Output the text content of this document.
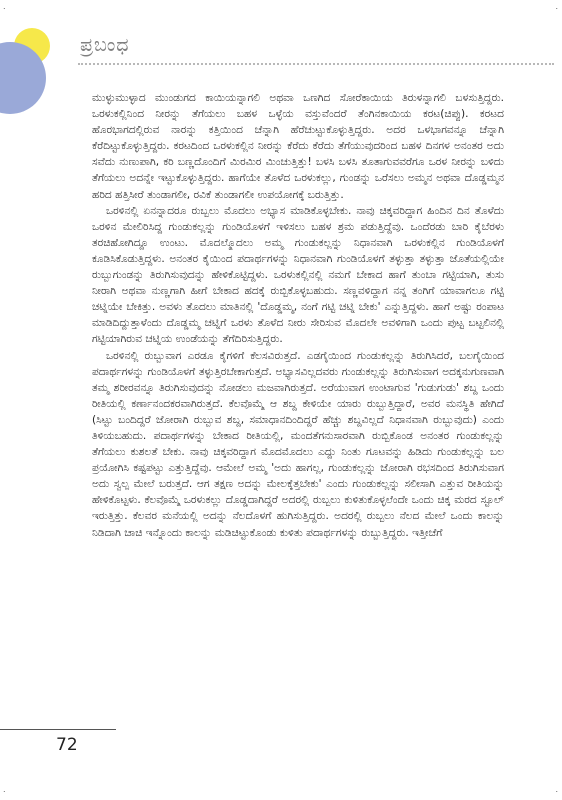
.	.
.	.
ಪ್ರಬಂಧ

ಮುಳ್ಳುಮುಳ್ಳಾದ ಮುಂಡುಗದ ಕಾಯಿಯನ್ನಾಗಲಿ ಅಥವಾ ಒಣಗಿದ ಸೋರೆಕಾಯಿಯ ತಿರುಳನ್ನಾಗಲಿ ಬಳಸುತ್ತಿದ್ದರು. ಒರಳುಕಲ್ಲಿನಿಂದ ನೀರನ್ನು ತೆಗೆಯಲು ಬಹಳ ಒಳ್ಳೆಯ ವಸ್ತುವೆಂದರೆ ತೆಂಗಿನಕಾಯಿಯ ಕರಟ(ಚಿಪ್ಪು). ಕರಟದ ಹೊರಭಾಗದಲ್ಲಿರುವ ನಾರನ್ನು ಕತ್ತಿಯಿಂದ ಚೆನ್ನಾಗಿ ಹೆರೆಚುಟ್ಟುಕೊಳ್ಳುತ್ತಿದ್ದರು. ಅದರ ಒಳಭಾಗವನ್ನೂ ಚೆನ್ನಾಗಿ ಕೆರೆದಿಟ್ಟುಕೊಳ್ಳುತ್ತಿದ್ದರು. ಕರಟದಿಂದ ಒರಳುಕಲ್ಲಿನ ನೀರನ್ನು ಕೆರೆದು ಕೆರೆದು ತೆಗೆಯುವುದರಿಂದ ಬಹಳ ದಿನಗಳ ಅನಂತರ ಅದು ಸವೆದು ನುಣುಪಾಗಿ, ಕರಿ ಬಣ್ಣದೊಂದಿಗೆ ಮಿರಮಿರ ಮಿಂಚುತ್ತಿತ್ತು! ಬಳಸಿ ಬಳಸಿ ತೂತಾಗುವವರೆಗೂ ಒರಳ ನೀರನ್ನು ಬಳಿದು ತೆಗೆಯಲು ಅದನ್ನೇ ಇಟ್ಟುಕೊಳ್ಳುತ್ತಿದ್ದರು. ಹಾಗೆಯೇ ತೊಳೆದ ಒರಳುಕಲ್ಲು, ಗುಂಡನ್ನು ಒರೆಸಲು ಅಮ್ಮನ ಅಥವಾ ದೊಡ್ಡಮ್ಮನ ಹರಿದ ಹತ್ತಿಸೀರೆ ತುಂಡಾಗಲೀ, ರವಿಕೆ ತುಂಡಾಗಲೀ ಉಪಯೋಗಕ್ಕೆ ಬರುತ್ತಿತ್ತು.

ಒರಳಿನಲ್ಲಿ ಏನನ್ನಾದರೂ ರುಬ್ಬಲು ಮೊದಲು ಅಭ್ಯಾಸ ಮಾಡಿಕೊಳ್ಳಬೇಕು. ನಾವು ಚಿಕ್ಕವರಿದ್ದಾಗ ಹಿಂದಿನ ದಿನ ತೊಳೆದು ಒರಳಿನ ಮೇಲಿರಿಸಿದ್ದ ಗುಂಡುಕಲ್ಲನ್ನು ಗುಂಡಿಯೊಳಗೆ ಇಳಿಸಲು ಬಹಳ ಶ್ರಮ ಪಡುತ್ತಿದ್ದೆವು. ಒಂದೆರಡು ಬಾರಿ ಕೈಬೆರಳು ತರಚಿಹೋಗಿದ್ದೂ ಉಂಟು. ಮೊದಲ್ಮೊದಲು ಅಮ್ಮ ಗುಂಡುಕಲ್ಲನ್ನು ನಿಧಾನವಾಗಿ ಒರಳುಕಲ್ಲಿನ ಗುಂಡಿಯೊಳಗೆ ಕೂಡಿಸಿಕೊಡುತ್ತಿದ್ದಳು. ಅನಂತರ ಕೈಯಿಂದ ಪದಾರ್ಥಗಳನ್ನು ನಿಧಾನವಾಗಿ ಗುಂಡಿಯೊಳಗೆ ತಳ್ಳುತ್ತಾ ತಳ್ಳುತ್ತಾ ಜೊತೆಯಲ್ಲಿಯೇ ರುಬ್ಬುಗುಂಡನ್ನು ತಿರುಗಿಸುವುದನ್ನು ಹೇಳಿಕೊಟ್ಟಿದ್ದಳು. ಒರಳುಕಲ್ಲಿನಲ್ಲಿ ನಮಗೆ ಬೇಕಾದ ಹಾಗೆ ತುಂಬಾ ಗಟ್ಟಿಯಾಗಿ, ತುಸು ನೀರಾಗಿ ಅಥವಾ ನುಣ್ಣಗಾಗಿ ಹೀಗೆ ಬೇಕಾದ ಹದಕ್ಕೆ ರುಬ್ಬಿಕೊಳ್ಳಬಹುದು. ಸಣ್ಣವಳಿದ್ದಾಗ ನನ್ನ ತಂಗಿಗೆ ಯಾವಾಗಲೂ ಗಟ್ಟಿ ಚಟ್ನಿಯೇ ಬೇಕಿತ್ತು. ಅವಳು ತೊದಲು ಮಾತಿನಲ್ಲಿ 'ದೊಡ್ಡಮ್ಮ, ನಂಗೆ ಗಟ್ಟಿ ಚಟ್ನಿ ಬೇಕು' ಎನ್ನುತ್ತಿದ್ದಳು. ಹಾಗೆ ಅಷ್ಟು ರಂಪಾಟ ಮಾಡಿದಿದ್ದುತ್ತಾಳೆಂದು ದೊಡ್ಡಮ್ಮ ಚಟ್ನಿಗೆ ಒರಳು ತೊಳೆದ ನೀರು ಸೇರಿಸುವ ಮೊದಲೇ ಅವಳಿಗಾಗಿ ಒಂದು ಪುಟ್ಟ ಬಟ್ಟಲಿನಲ್ಲಿ ಗಟ್ಟಿಯಾಗಿರುವ ಚಟ್ನಿಯ ಉಂಡೆಯನ್ನು ತೆಗೆದಿರಿಸುತ್ತಿದ್ದರು.

ಒರಳಿನಲ್ಲಿ ರುಬ್ಬುವಾಗ ಎರಡೂ ಕೈಗಳಿಗೆ ಕೆಲಸವಿರುತ್ತದೆ. ಎಡಗೈಯಿಂದ ಗುಂಡುಕಲ್ಲನ್ನು ತಿರುಗಿಸಿದರೆ, ಬಲಗೈಯಿಂದ ಪದಾರ್ಥಗಳನ್ನು ಗುಂಡಿಯೊಳಗೆ ತಳ್ಳುತ್ತಿರಬೇಕಾಗುತ್ತದೆ. ಅಭ್ಯಾಸವಿಲ್ಲದವರು ಗುಂಡುಕಲ್ಲನ್ನು ತಿರುಗಿಸುವಾಗ ಅದಕ್ಕನುಗುಣವಾಗಿ ತಮ್ಮ ಶರೀರವನ್ನೂ ತಿರುಗಿಸುವುದನ್ನು ನೋಡಲು ಮಜವಾಗಿರುತ್ತದೆ. ಅರೆಯುವಾಗ ಉಂಟಾಗುವ 'ಗುಡುಗುಡು' ಶಬ್ದ ಒಂದು ರೀತಿಯಲ್ಲಿ ಕರ್ಣಾನಂದಕರವಾಗಿರುತ್ತದೆ. ಕೆಲವೊಮ್ಮೆ ಆ ಶಬ್ದ ಕೇಳಿಯೇ ಯಾರು ರುಬ್ಬುತ್ತಿದ್ದಾರೆ, ಅವರ ಮನಸ್ಥಿತಿ ಹೇಗಿದೆ (ಸಿಟ್ಟು ಬಂದಿದ್ದರೆ ಜೋರಾಗಿ ರುಬ್ಬುವ ಶಬ್ದ, ಸಮಾಧಾನದಿಂದಿದ್ದರೆ ಹೆಚ್ಚು ಶಬ್ದವಿಲ್ಲದೆ ನಿಧಾನವಾಗಿ ರುಬ್ಬುವುದು) ಎಂದು ತಿಳಿಯಬಹುದು. ಪದಾರ್ಥಗಳನ್ನು ಬೇಕಾದ ರೀತಿಯಲ್ಲಿ, ಮಂದತೆಗನುಸಾರವಾಗಿ ರುಬ್ಬಿಕೊಂಡ ಅನಂತರ ಗುಂಡುಕಲ್ಲನ್ನು ತೆಗೆಯಲು ಕುಶಲತೆ ಬೇಕು. ನಾವು ಚಿಕ್ಕವರಿದ್ದಾಗ ಮೊದಮೊದಲು ಎದ್ದು ನಿಂತು ಗೂಟವನ್ನು ಹಿಡಿದು ಗುಂಡುಕಲ್ಲನ್ನು ಬಲ ಪ್ರಯೋಗಿಸಿ ಕಷ್ಟಪಟ್ಟು ಎತ್ತುತ್ತಿದ್ದೆವು. ಆಮೇಲೆ ಅಮ್ಮ 'ಅದು ಹಾಗಲ್ಲ, ಗುಂಡುಕಲ್ಲನ್ನು ಜೋರಾಗಿ ರಭಸದಿಂದ ತಿರುಗಿಸುವಾಗ ಅದು ಸ್ವಲ್ಪ ಮೇಲೆ ಬರುತ್ತದೆ. ಆಗ ತಕ್ಷಣ ಅದನ್ನು ಮೇಲಕ್ಕೆತ್ತಬೇಕು' ಎಂದು ಗುಂಡುಕಲ್ಲನ್ನು ಸಲೀಸಾಗಿ ಎತ್ತುವ ರೀತಿಯನ್ನು ಹೇಳಿಕೊಟ್ಟಳು. ಕೆಲವೊಮ್ಮೆ ಒರಳುಕಲ್ಲು ದೊಡ್ಡದಾಗಿದ್ದರೆ ಅದರಲ್ಲಿ ರುಬ್ಬಲು ಕುಳಿತುಕೊಳ್ಳಲೆಂದೇ ಒಂದು ಚಿಕ್ಕ ಮರದ ಸ್ಟೂಲ್ ಇರುತ್ತಿತ್ತು. ಕೆಲವರ ಮನೆಯಲ್ಲಿ ಅದನ್ನು ನೆಲದೊಳಗೆ ಹುಗಿಸುತ್ತಿದ್ದರು. ಅದರಲ್ಲಿ ರುಬ್ಬಲು ನೆಲದ ಮೇಲೆ ಒಂದು ಕಾಲನ್ನು ನಿಡಿದಾಗಿ ಚಾಚಿ ಇನ್ನೊಂದು ಕಾಲನ್ನು ಮಡಿಚಿಟ್ಟುಕೊಂಡು ಕುಳಿತು ಪದಾರ್ಥಗಳನ್ನು ರುಬ್ಬುತ್ತಿದ್ದರು. ಇತ್ತೀಚೆಗೆ

72
